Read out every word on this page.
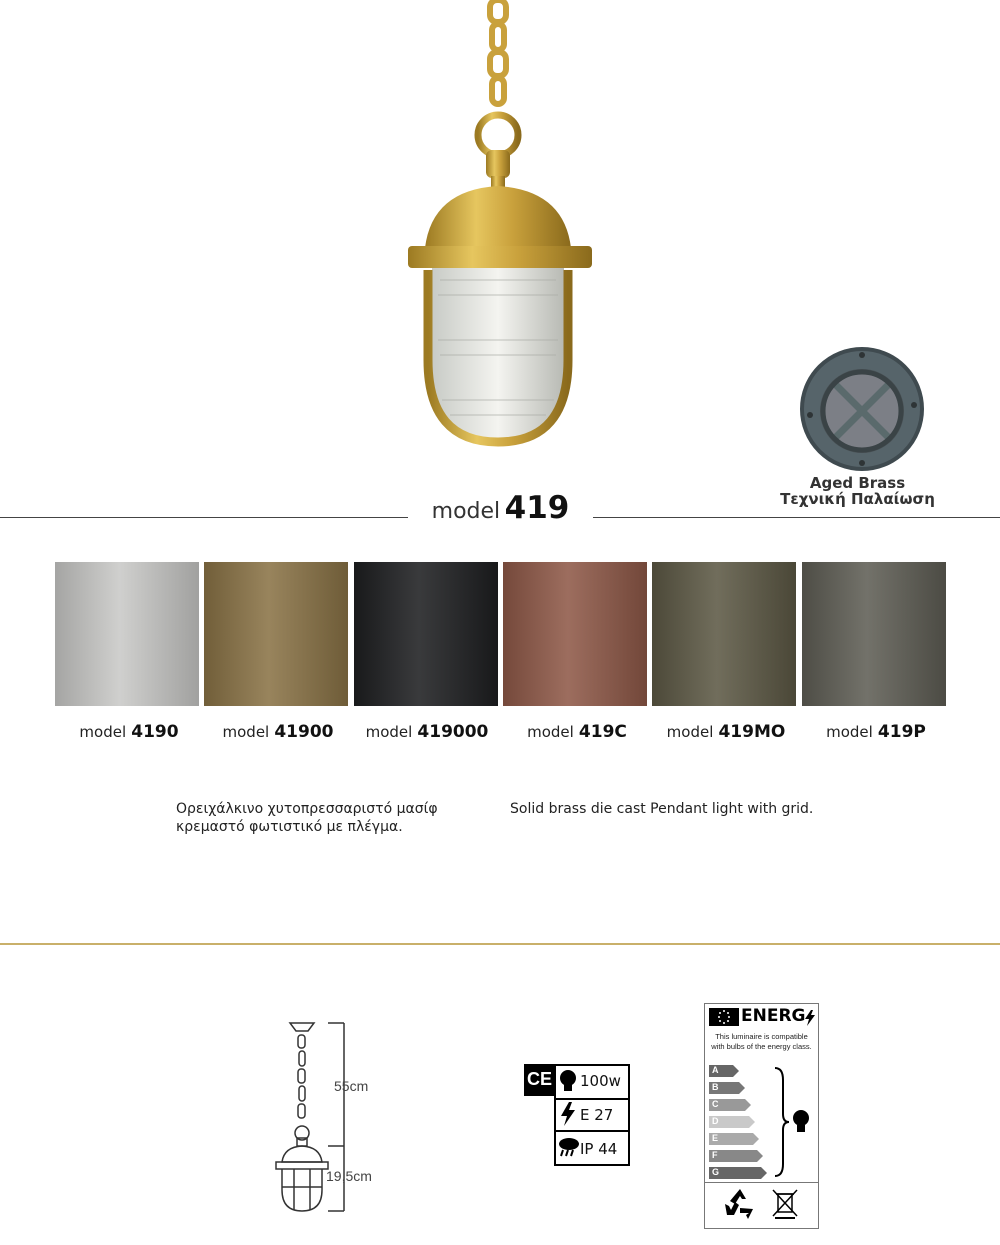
Aged Brass
Τεχνική Παλαίωση
model 419
model 4190	model 41900	model 419000	model 419C	model 419MO	model 419P
Ορειχάλκινο χυτοπρεσσαριστό μασίφ
κρεμαστό φωτιστικό με πλέγμα.
Solid brass die cast Pendant light with grid.
55cm
19,5cm
CE 100w
E 27
IP 44
ENERG
This luminaire is compatible
with bulbs of the energy class.
A
B
C
D
E
F
G
